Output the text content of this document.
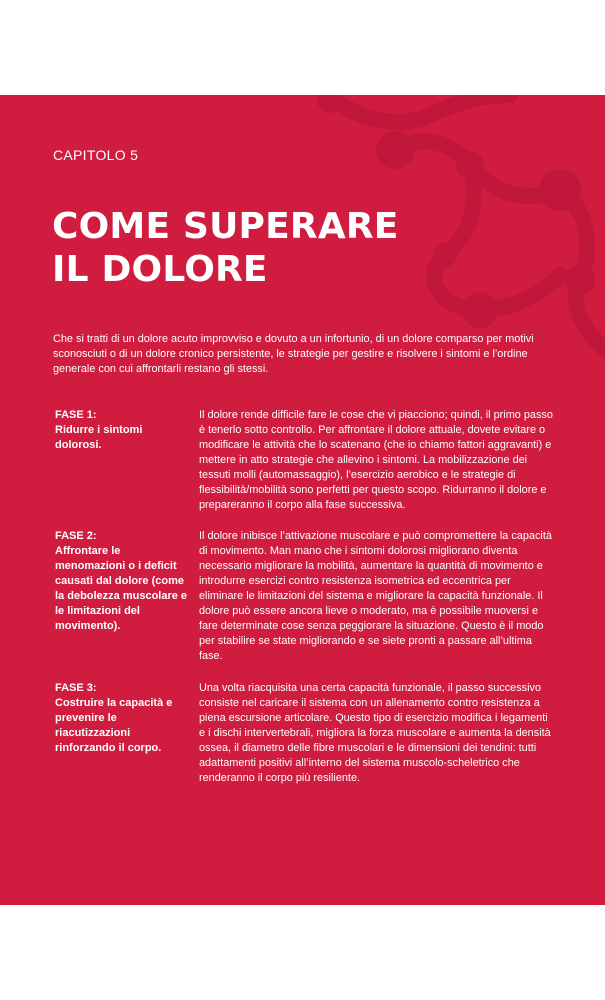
CAPITOLO 5
COME SUPERARE
IL DOLORE

Che si tratti di un dolore acuto improvviso e dovuto a un infortunio, di un dolore comparso per motivi sconosciuti o di un dolore cronico persistente, le strategie per gestire e risolvere i sintomi e l’ordine generale con cui affrontarli restano gli stessi.

FASE 1:
Ridurre i sintomi dolorosi.

Il dolore rende difficile fare le cose che vi piacciono; quindi, il primo passo è tenerlo sotto controllo. Per affrontare il dolore attuale, dovete evitare o modificare le attività che lo scatenano (che io chiamo fattori aggravanti) e mettere in atto strategie che allevino i sintomi. La mobilizzazione dei tessuti molli (automassaggio), l’esercizio aerobico e le strategie di flessibilità/mobilità sono perfetti per questo scopo. Ridurranno il dolore e prepareranno il corpo alla fase successiva.

FASE 2:
Affrontare le menomazioni o i deficit causati dal dolore (come la debolezza muscolare e le limitazioni del movimento).

Il dolore inibisce l’attivazione muscolare e può compromettere la capacità di movimento. Man mano che i sintomi dolorosi migliorano diventa necessario migliorare la mobilità, aumentare la quantità di movimento e introdurre esercizi contro resistenza isometrica ed eccentrica per eliminare le limitazioni del sistema e migliorare la capacità funzionale. Il dolore può essere ancora lieve o moderato, ma è possibile muoversi e fare determinate cose senza peggiorare la situazione. Questo è il modo per stabilire se state migliorando e se siete pronti a passare all’ultima fase.

FASE 3:
Costruire la capacità e prevenire le riacutizzazioni rinforzando il corpo.

Una volta riacquisita una certa capacità funzionale, il passo successivo consiste nel caricare il sistema con un allenamento contro resistenza a piena escursione articolare. Questo tipo di esercizio modifica i legamenti e i dischi intervertebrali, migliora la forza muscolare e aumenta la densità ossea, il diametro delle fibre muscolari e le dimensioni dei tendini: tutti adattamenti positivi all’interno del sistema muscolo-scheletrico che renderanno il corpo più resiliente.
